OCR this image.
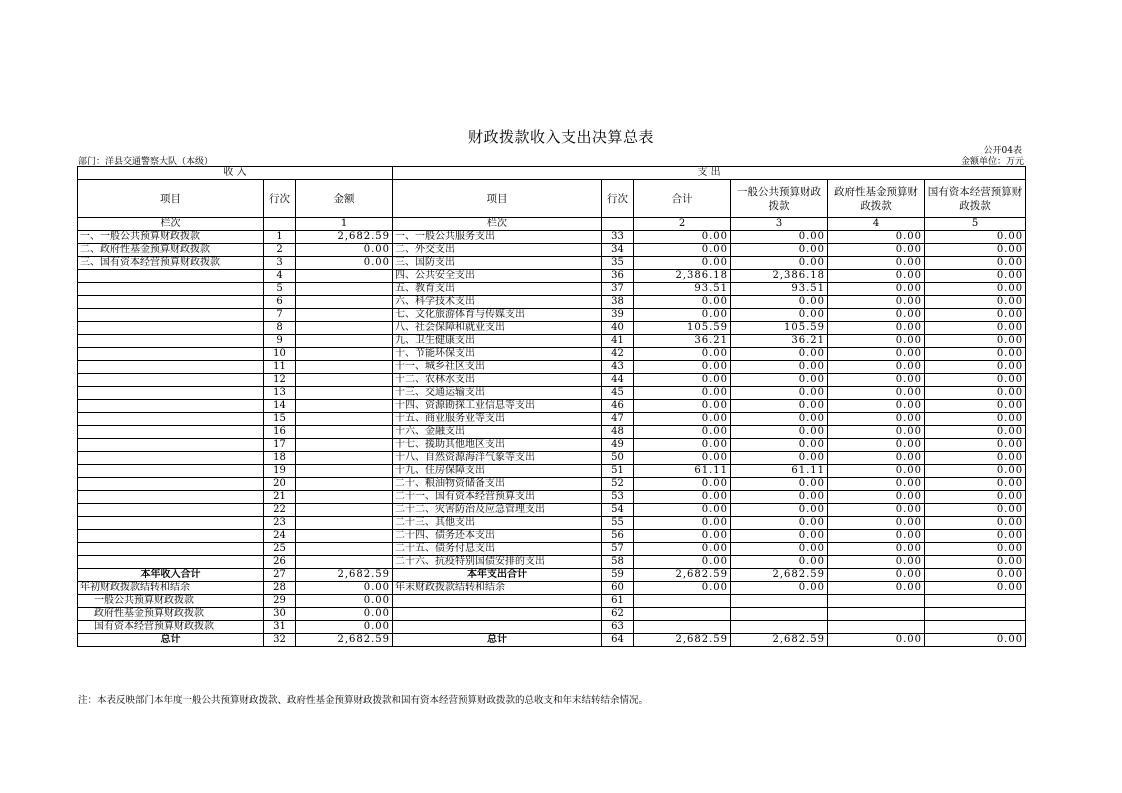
财政拨款收入支出决算总表
公开04表
部门：洋县交通警察大队（本级）	金额单位：万元
收 入			支 出					
项目	行次	金额	项目	行次	合计	一般公共预算财政拨款	政府性基金预算财政拨款	国有资本经营预算财政拨款
栏次		1	栏次		2	3	4	5
一、一般公共预算财政拨款	1	2,682.59	一、一般公共服务支出	33	0.00	0.00	0.00	0.00
二、政府性基金预算财政拨款	2	0.00	二、外交支出	34	0.00	0.00	0.00	0.00
三、国有资本经营预算财政拨款	3	0.00	三、国防支出	35	0.00	0.00	0.00	0.00
	4		四、公共安全支出	36	2,386.18	2,386.18	0.00	0.00
	5		五、教育支出	37	93.51	93.51	0.00	0.00
	6		六、科学技术支出	38	0.00	0.00	0.00	0.00
	7		七、文化旅游体育与传媒支出	39	0.00	0.00	0.00	0.00
	8		八、社会保障和就业支出	40	105.59	105.59	0.00	0.00
	9		九、卫生健康支出	41	36.21	36.21	0.00	0.00
	10		十、节能环保支出	42	0.00	0.00	0.00	0.00
	11		十一、城乡社区支出	43	0.00	0.00	0.00	0.00
	12		十二、农林水支出	44	0.00	0.00	0.00	0.00
	13		十三、交通运输支出	45	0.00	0.00	0.00	0.00
	14		十四、资源勘探工业信息等支出	46	0.00	0.00	0.00	0.00
	15		十五、商业服务业等支出	47	0.00	0.00	0.00	0.00
	16		十六、金融支出	48	0.00	0.00	0.00	0.00
	17		十七、援助其他地区支出	49	0.00	0.00	0.00	0.00
	18		十八、自然资源海洋气象等支出	50	0.00	0.00	0.00	0.00
	19		十九、住房保障支出	51	61.11	61.11	0.00	0.00
	20		二十、粮油物资储备支出	52	0.00	0.00	0.00	0.00
	21		二十一、国有资本经营预算支出	53	0.00	0.00	0.00	0.00
	22		二十二、灾害防治及应急管理支出	54	0.00	0.00	0.00	0.00
	23		二十三、其他支出	55	0.00	0.00	0.00	0.00
	24		二十四、债务还本支出	56	0.00	0.00	0.00	0.00
	25		二十五、债务付息支出	57	0.00	0.00	0.00	0.00
	26		二十六、抗疫特别国债安排的支出	58	0.00	0.00	0.00	0.00
本年收入合计	27	2,682.59	本年支出合计	59	2,682.59	2,682.59	0.00	0.00
年初财政拨款结转和结余	28	0.00	年末财政拨款结转和结余	60	0.00	0.00	0.00	0.00
一般公共预算财政拨款	29	0.00		61				
政府性基金预算财政拨款	30	0.00		62				
国有资本经营预算财政拨款	31	0.00		63				
总计	32	2,682.59	总计	64	2,682.59	2,682.59	0.00	0.00
注：本表反映部门本年度一般公共预算财政拨款、政府性基金预算财政拨款和国有资本经营预算财政拨款的总收支和年末结转结余情况。
